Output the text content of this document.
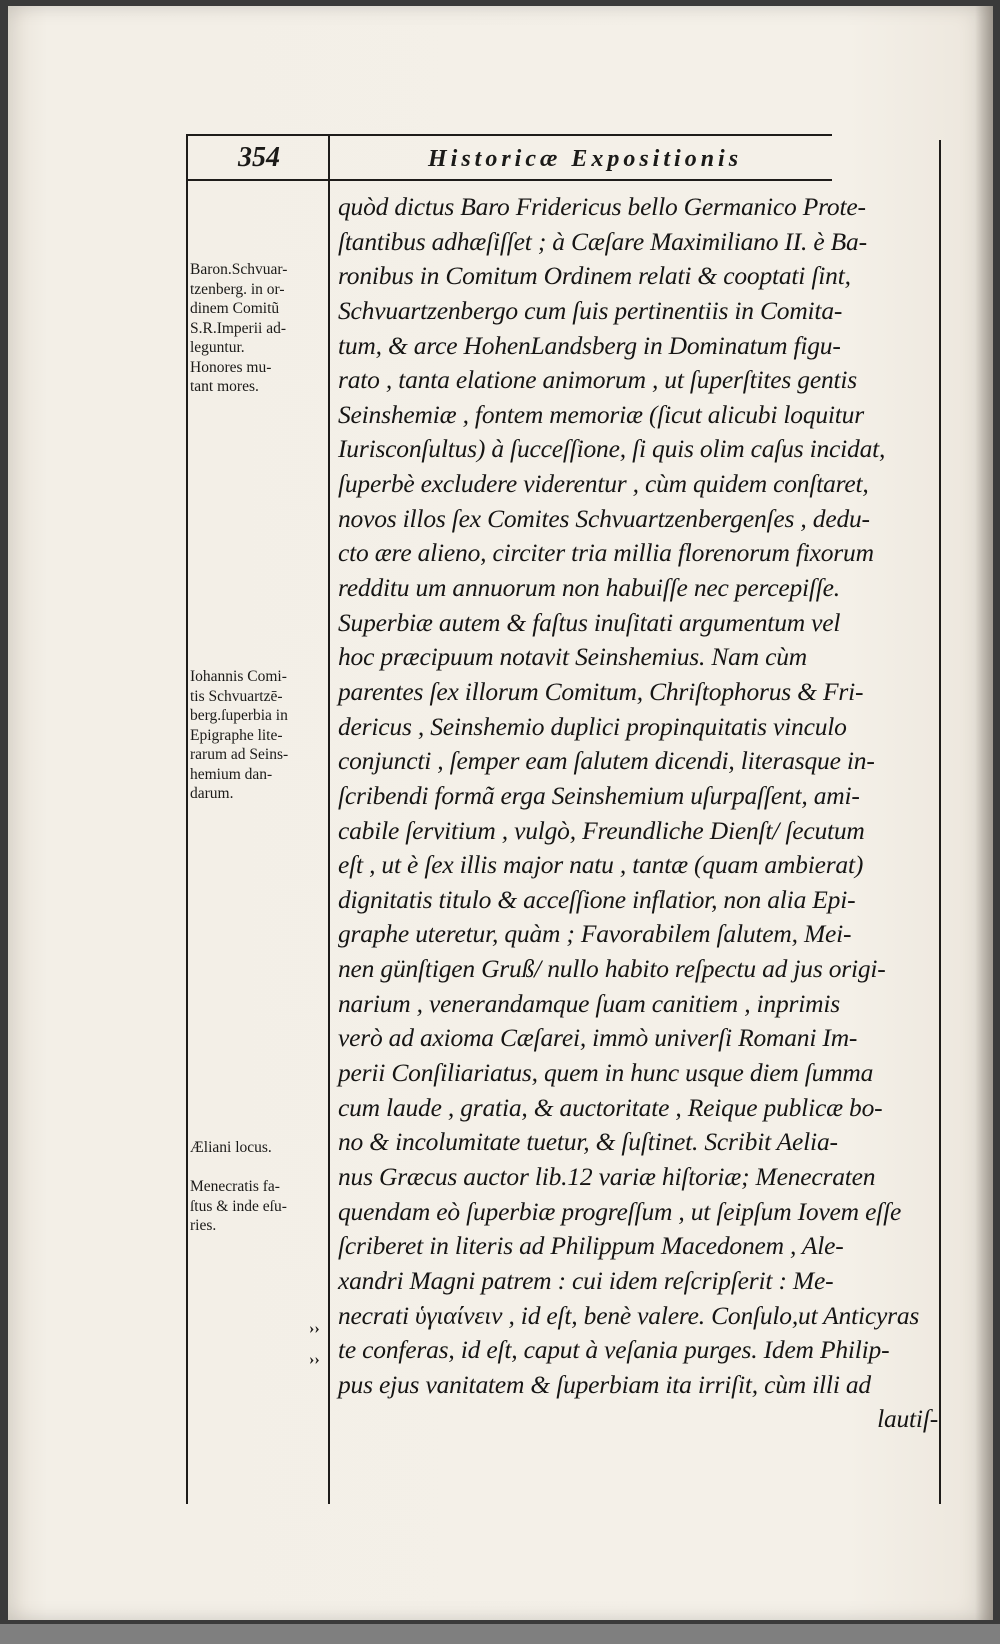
354	Historicæ Expositionis
Baron.Schvuar-
tzenberg. in or-
dinem Comitũ
S.R.Imperii ad-
leguntur.
Honores mu-
tant mores.
Iohannis Comi-
tis Schvuartzē-
berg.ſuperbia in
Epigraphe lite-
rarum ad Seins-
hemium dan-
darum.
Æliani locus.
Menecratis fa-
ſtus & inde eſu-
ries.
››
››
quòd dictus Baro Fridericus bello Germanico Prote-
ſtantibus adhæſiſſet ; à Cæſare Maximiliano II. è Ba-
ronibus in Comitum Ordinem relati & cooptati ſint,
Schvuartzenbergo cum ſuis pertinentiis in Comita-
tum, & arce HohenLandsberg in Dominatum figu-
rato , tanta elatione animorum , ut ſuperſtites gentis
Seinshemiæ , fontem memoriæ (ſicut alicubi loquitur
Iurisconſultus) à ſucceſſione, ſi quis olim caſus incidat,
ſuperbè excludere viderentur , cùm quidem conſtaret,
novos illos ſex Comites Schvuartzenbergenſes , dedu-
cto ære alieno, circiter tria millia florenorum fixorum
redditu um annuorum non habuiſſe nec percepiſſe.
Superbiæ autem & faſtus inuſitati argumentum vel
hoc præcipuum notavit Seinshemius. Nam cùm
parentes ſex illorum Comitum, Chriſtophorus & Fri-
dericus , Seinshemio duplici propinquitatis vinculo
conjuncti , ſemper eam ſalutem dicendi, literasque in-
ſcribendi formã erga Seinshemium uſurpaſſent, ami-
cabile ſervitium , vulgò, Freundliche Dienſt/ ſecutum
eſt , ut è ſex illis major natu , tantæ (quam ambierat)
dignitatis titulo & acceſſione inflatior, non alia Epi-
graphe uteretur, quàm ; Favorabilem ſalutem, Mei-
nen günſtigen Gruß/ nullo habito reſpectu ad jus origi-
narium , venerandamque ſuam canitiem , inprimis
verò ad axioma Cæſarei, immò univerſi Romani Im-
perii Conſiliariatus, quem in hunc usque diem ſumma
cum laude , gratia, & auctoritate , Reique publicæ bo-
no & incolumitate tuetur, & ſuſtinet. Scribit Aelia-
nus Græcus auctor lib.12 variæ hiſtoriæ; Menecraten
quendam eò ſuperbiæ progreſſum , ut ſeipſum Iovem eſſe
ſcriberet in literis ad Philippum Macedonem , Ale-
xandri Magni patrem : cui idem reſcripſerit : Me-
necrati ὑγιαίνειν , id eſt, benè valere. Conſulo,ut Anticyras
te conferas, id eſt, caput à veſania purges. Idem Philip-
pus ejus vanitatem & ſuperbiam ita irriſit, cùm illi ad
lautiſ-
